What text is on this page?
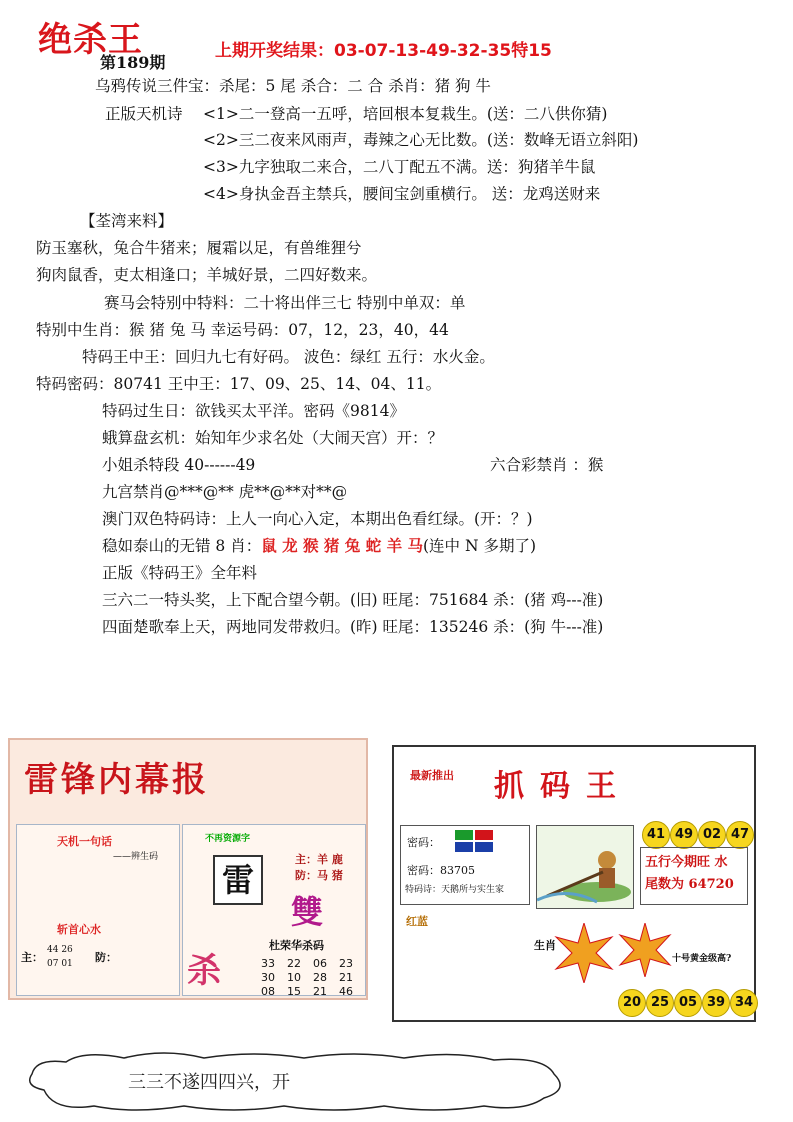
绝杀王
第189期
上期开奖结果：03-07-13-49-32-35特15
乌鸦传说三件宝：杀尾：5 尾 杀合：二 合 杀肖：猪 狗 牛
正版天机诗 <1>二一登高一五呼，培回根本复栽生。(送：二八供你猜)
<2>三二夜来风雨声，毒辣之心无比数。(送：数峰无语立斜阳)
<3>九字独取二来合，二八丁配五不满。送：狗猪羊牛鼠
<4>身执金吾主禁兵，腰间宝剑重横行。 送：龙鸡送财来
【荃湾来料】
防玉塞秋，兔合牛猪来；履霜以足，有兽维狸兮
狗肉鼠香，吏太相逢口；羊城好景，二四好数来。
赛马会特别中特料：二十将出伴三七 特别中单双：单
特别中生肖：猴 猪 兔 马 幸运号码：07，12，23，40，44
特码王中王：回归九七有好码。 波色：绿红 五行：水火金。
特码密码：80741 王中王：17、09、25、14、04、11。
特码过生日：欲钱买太平洋。密码《9814》
蛾算盘玄机：始知年少求名处（大闹天宫）开：？
小姐杀特段 40------49	六合彩禁肖 ：猴
九宫禁肖@***@** 虎**@**对**@
澳门双色特码诗：上人一向心入定，本期出色看红绿。(开：？)
稳如泰山的无错 8 肖：鼠 龙 猴 猪 兔 蛇 羊 马(连中 N 多期了)
正版《特码王》全年料
三六二一特头奖，上下配合望今朝。(旧) 旺尾：751684 杀：(猪 鸡---准)
四面楚歌奉上天，两地同发带救归。(昨) 旺尾：135246 杀：(狗 牛---准)
雷锋内幕报
天机一句话
——辨生码
斩首心水
主：
44 26
07 01 防：
不再资源字
雷
主：羊 鹿
防：马 猪
雙
杀
杜荣华杀码
33 22 06 23
30 10 28 21
08 15 21 46
最新推出 抓码王
41 49 02 47
密码：
密码：83705
特码诗：天鹅所与实生家
五行今期旺 水
尾数为 64720
红蓝
生肖
十号黄金级高?
20 25 05 39 34
三三不遂四四兴，开
